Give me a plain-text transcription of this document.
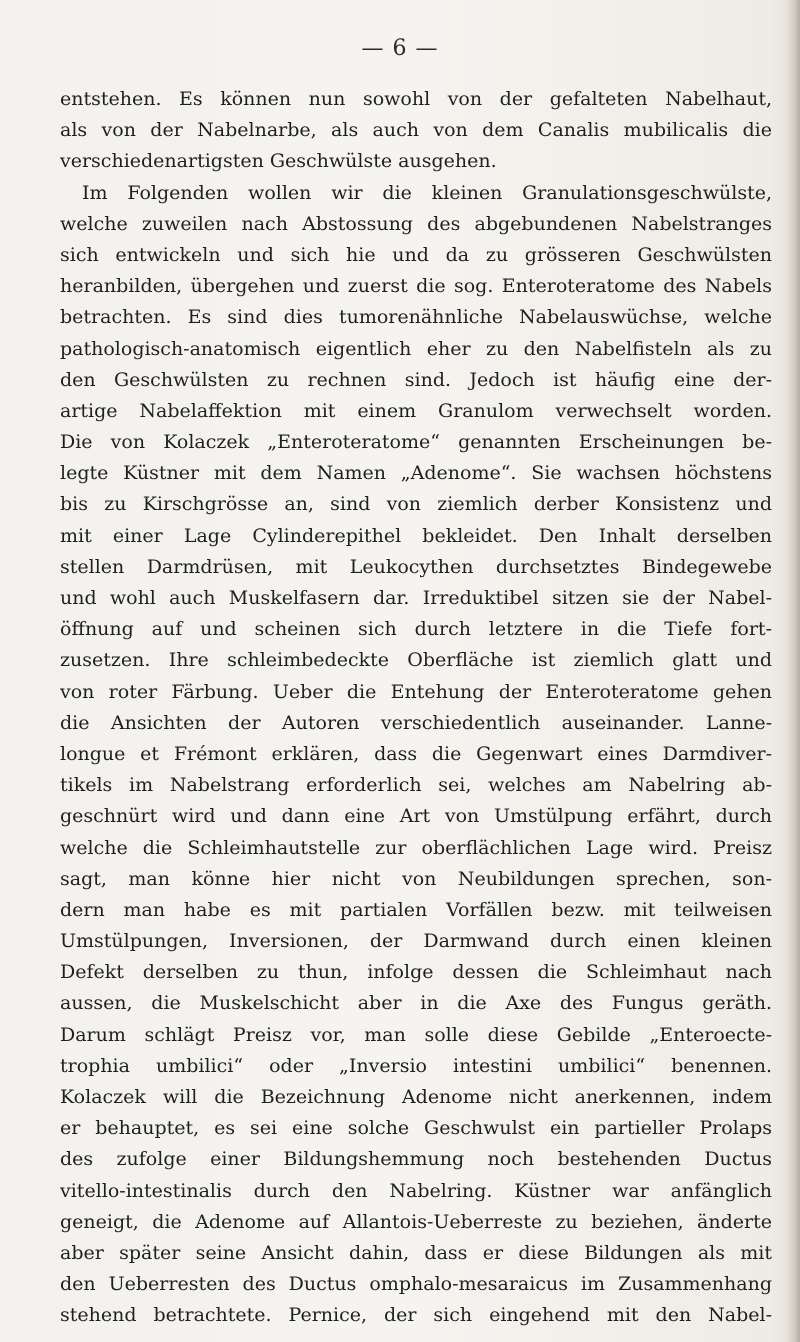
— 6 —
entstehen. Es können nun sowohl von der gefalteten Nabelhaut,
als von der Nabelnarbe, als auch von dem Canalis mubilicalis die
verschiedenartigsten Geschwülste ausgehen.
Im Folgenden wollen wir die kleinen Granulationsgeschwülste,
welche zuweilen nach Abstossung des abgebundenen Nabelstranges
sich entwickeln und sich hie und da zu grösseren Geschwülsten
heranbilden, übergehen und zuerst die sog. Enteroteratome des Nabels
betrachten. Es sind dies tumorenähnliche Nabelauswüchse, welche
pathologisch-anatomisch eigentlich eher zu den Nabelfisteln als zu
den Geschwülsten zu rechnen sind. Jedoch ist häufig eine der-
artige Nabelaffektion mit einem Granulom verwechselt worden.
Die von Kolaczek „Enteroteratome“ genannten Erscheinungen be-
legte Küstner mit dem Namen „Adenome“. Sie wachsen höchstens
bis zu Kirschgrösse an, sind von ziemlich derber Konsistenz und
mit einer Lage Cylinderepithel bekleidet. Den Inhalt derselben
stellen Darmdrüsen, mit Leukocythen durchsetztes Bindegewebe
und wohl auch Muskelfasern dar. Irreduktibel sitzen sie der Nabel-
öffnung auf und scheinen sich durch letztere in die Tiefe fort-
zusetzen. Ihre schleimbedeckte Oberfläche ist ziemlich glatt und
von roter Färbung. Ueber die Entehung der Enteroteratome gehen
die Ansichten der Autoren verschiedentlich auseinander. Lanne-
longue et Frémont erklären, dass die Gegenwart eines Darmdiver-
tikels im Nabelstrang erforderlich sei, welches am Nabelring ab-
geschnürt wird und dann eine Art von Umstülpung erfährt, durch
welche die Schleimhautstelle zur oberflächlichen Lage wird. Preisz
sagt, man könne hier nicht von Neubildungen sprechen, son-
dern man habe es mit partialen Vorfällen bezw. mit teilweisen
Umstülpungen, Inversionen, der Darmwand durch einen kleinen
Defekt derselben zu thun, infolge dessen die Schleimhaut nach
aussen, die Muskelschicht aber in die Axe des Fungus geräth.
Darum schlägt Preisz vor, man solle diese Gebilde „Enteroecte-
trophia umbilici“ oder „Inversio intestini umbilici“ benennen.
Kolaczek will die Bezeichnung Adenome nicht anerkennen, indem
er behauptet, es sei eine solche Geschwulst ein partieller Prolaps
des zufolge einer Bildungshemmung noch bestehenden Ductus
vitello-intestinalis durch den Nabelring. Küstner war anfänglich
geneigt, die Adenome auf Allantois-Ueberreste zu beziehen, änderte
aber später seine Ansicht dahin, dass er diese Bildungen als mit
den Ueberresten des Ductus omphalo-mesaraicus im Zusammenhang
stehend betrachtete. Pernice, der sich eingehend mit den Nabel-
